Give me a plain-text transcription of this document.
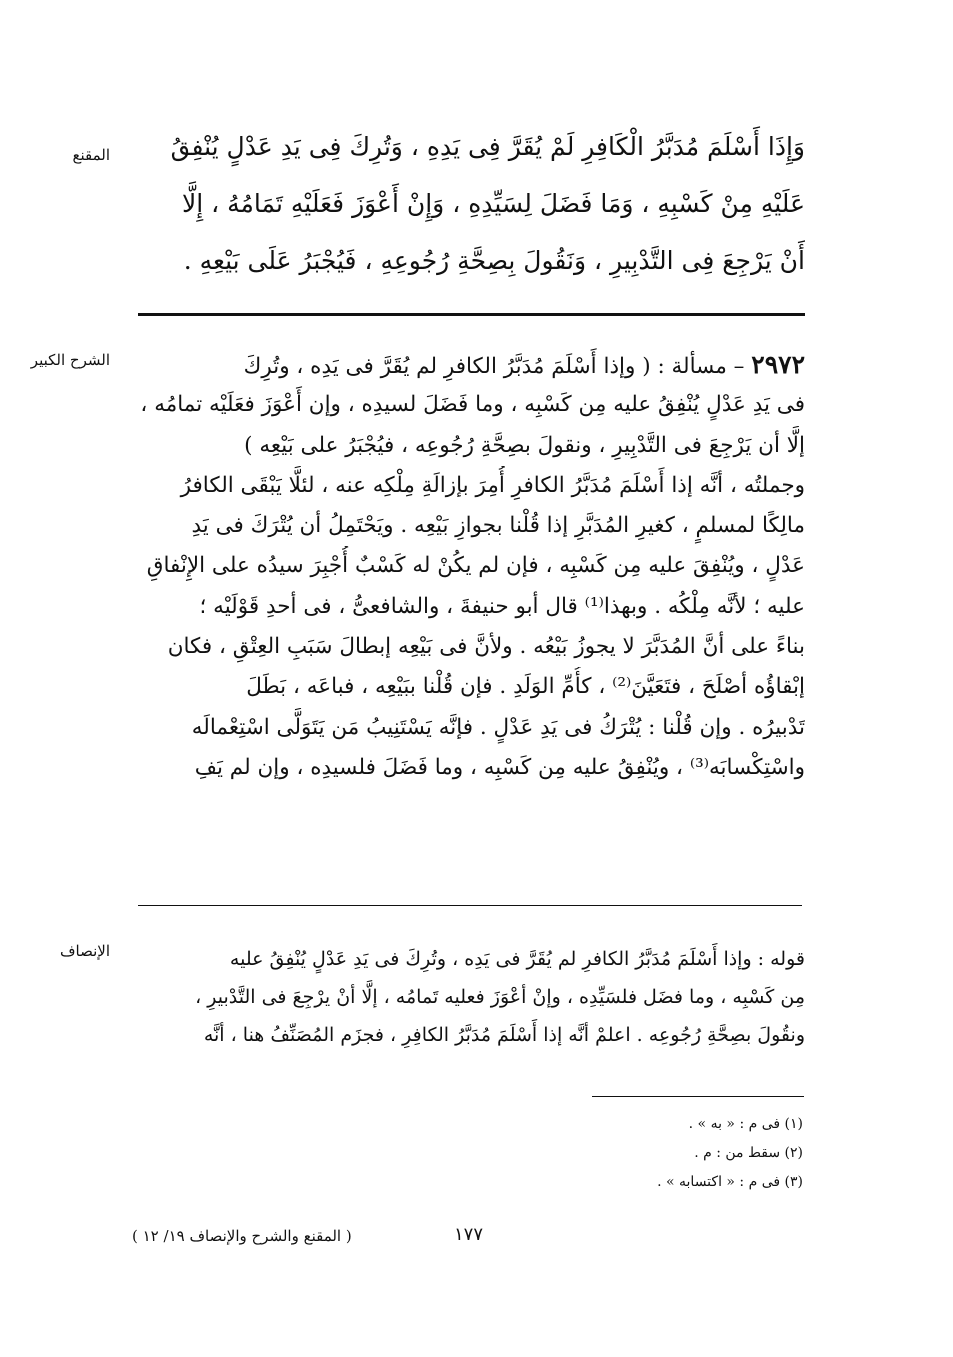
المقنع	وَإِذَا أَسْلَمَ مُدَبَّرُ الْكَافِرِ لَمْ يُقَرَّ فِى يَدِهِ ، وَتُرِكَ فِى يَدِ عَدْلٍ يُنْفِقُ
عَلَيْهِ مِنْ كَسْبِهِ ، وَمَا فَضَلَ لِسَيِّدِهِ ، وَإِنْ أَعْوَزَ فَعَلَيْهِ تَمَامُهُ ، إِلَّا
أَنْ يَرْجِعَ فِى التَّدْبِيرِ ، وَنَقُولَ بِصِحَّةِ رُجُوعِهِ ، فَيُجْبَرُ عَلَى بَيْعِهِ .
الشرح الكبير	٢٩٧٢ – مسألة : ( وإذا أَسْلَمَ مُدَبَّرُ الكافرِ لم يُقَرَّ فى يَدِه ، وتُرِكَ
فى يَدِ عَدْلٍ يُنْفِقُ عليه مِن كَسْبِه ، وما فَضَلَ لسيدِه ، وإن أَعْوَزَ فعَلَيْه تمامُه ،
إلَّا أن يَرْجِعَ فى التَّدْبِيرِ ، ونقولَ بصِحَّةِ رُجُوعِه ، فيُجْبَرُ على بَيْعِه )
وجملتُه ، أنَّه إذا أَسْلَمَ مُدَبَّرُ الكافرِ أُمِرَ بإزالَةِ مِلْكِه عنه ، لئلَّا يَبْقَى الكافرُ
مالِكًا لمسلمٍ ، كغيرِ المُدَبَّرِ إذا قُلْنا بجوازِ بَيْعِه . ويَحْتَمِلُ أن يُتْرَكَ فى يَدِ
عَدْلٍ ، ويُنْفِقَ عليه مِن كَسْبِه ، فإن لم يكُنْ له كَسْبٌ أُجْبِرَ سيدُه على الإِنْفاقِ
عليه ؛ لأنَّه مِلْكُه . وبهذا⁽¹⁾ قال أبو حنيفةَ ، والشافعىُّ ، فى أحدِ قَوْلَيْه ؛
بناءً على أنَّ المُدَبَّرَ لا يجوزُ بَيْعُه . ولأنَّ فى بَيْعِه إبطالَ سَبَبِ العِتْقِ ، فكان
إبْقاؤُه أصْلَحَ ، فتَعَيَّنَ⁽²⁾ ، كأُمِّ الوَلَدِ . فإن قُلْنا ببَيْعِه ، فباعَه ، بَطَلَ
تَدْبيرُه . وإن قُلْنا : يُتْرَكُ فى يَدِ عَدْلٍ . فإنَّه يَسْتَنِيبُ مَن يَتَوَلَّى اسْتِعْمالَه
واسْتِكْسابَه⁽³⁾ ، ويُنْفِقُ عليه مِن كَسْبِه ، وما فَضَلَ فلسيدِه ، وإن لم يَفِ
الإنصاف	قوله : وإذا أَسْلَمَ مُدَبَّرُ الكافرِ لم يُقَرَّ فى يَدِه ، وتُرِكَ فى يَدِ عَدْلٍ يُنْفِقُ عليه
مِن كَسْبِه ، وما فضَل فلسَيِّدِه ، وإنْ أعْوَزَ فعليه تَمامُه ، إلَّا أنْ يرْجِعَ فى التَّدْبيرِ ،
ونقُولَ بصِحَّةِ رُجُوعِه . اعلمْ أنَّه إذا أَسْلَمَ مُدَبَّرُ الكافِرِ ، فجزَم المُصَنِّفُ هنا ، أنَّه
(١) فى م : « به » .
(٢) سقط من : م .
(٣) فى م : « اكتسابه » .
( المقنع والشرح والإنصاف ١٩/ ١٢ )	١٧٧
